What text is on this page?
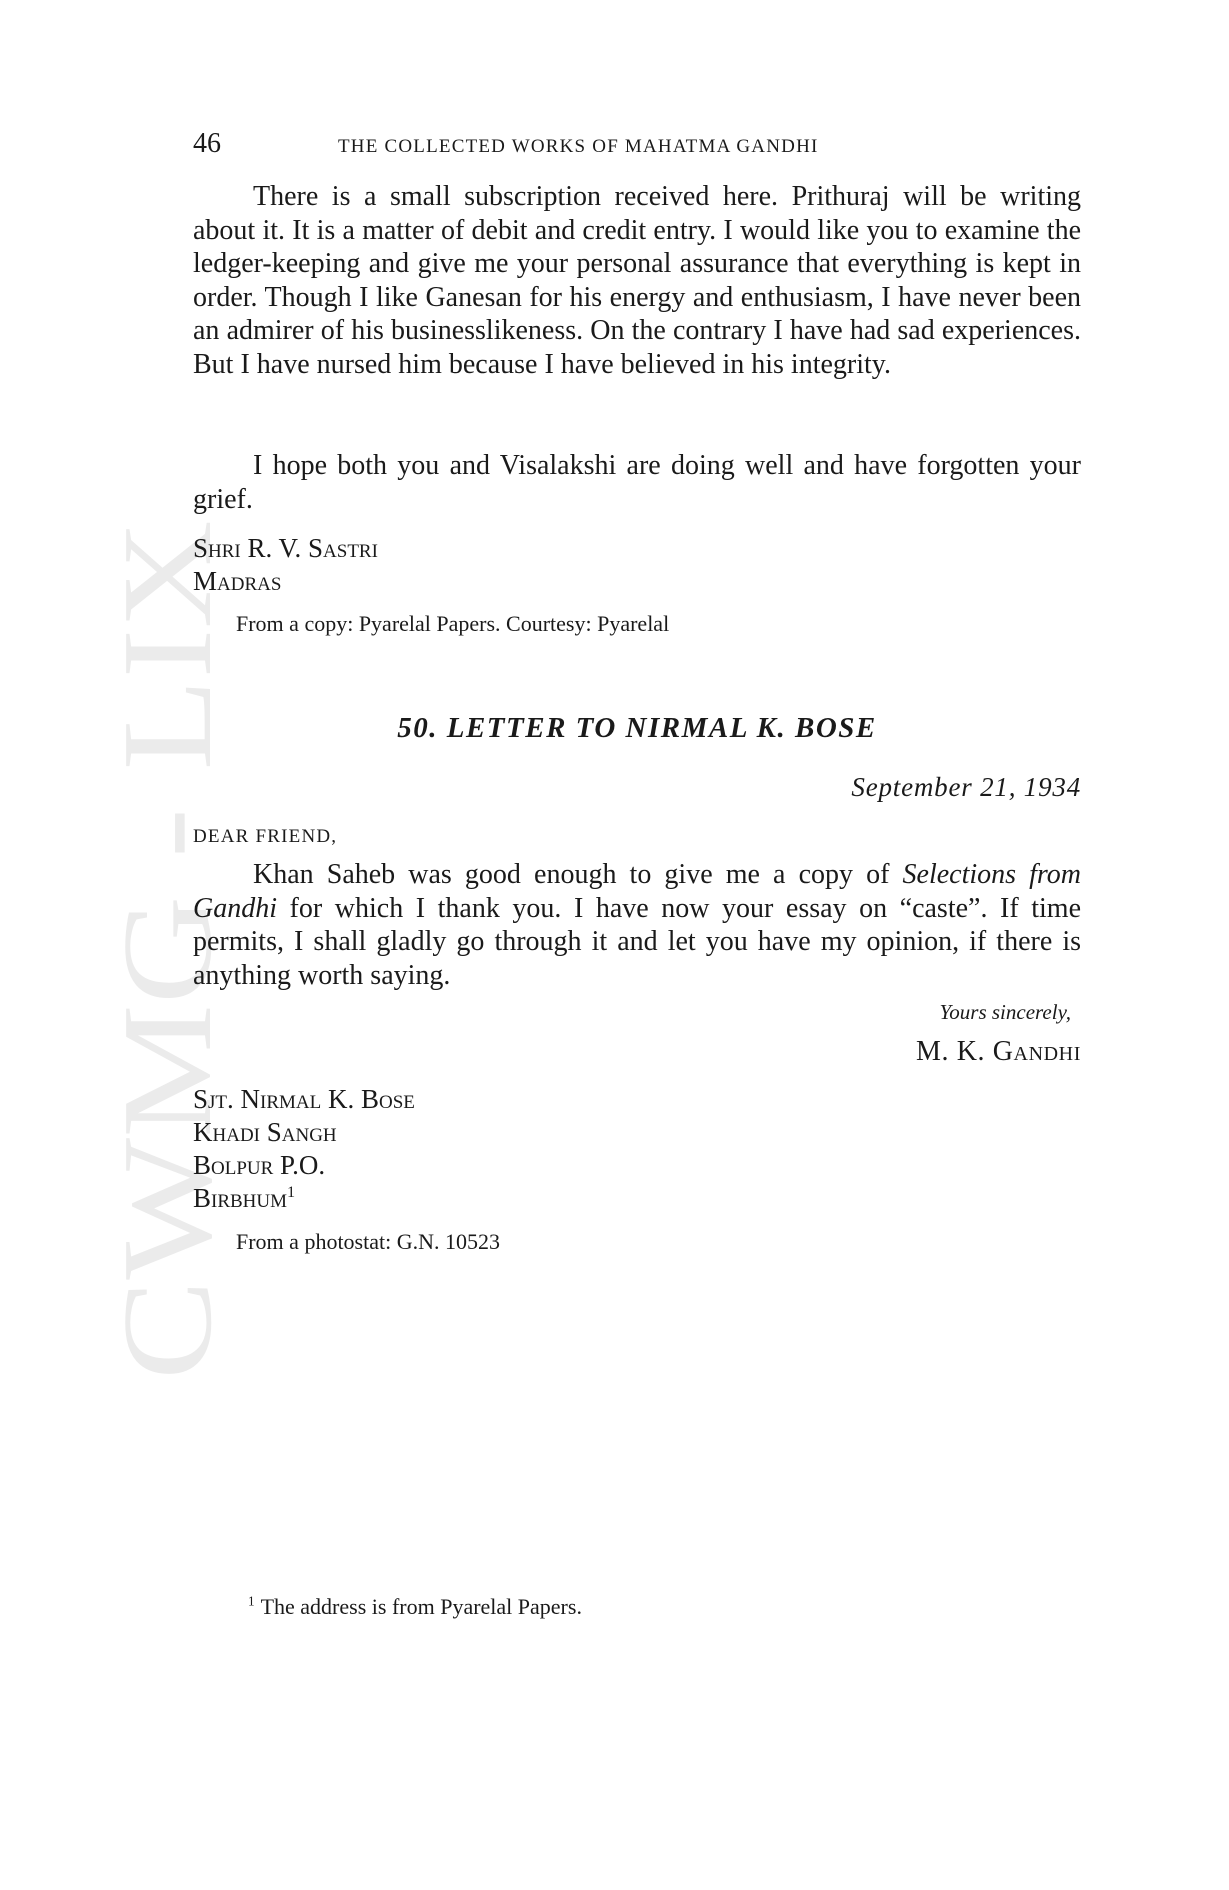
CWMG LIX
46	THE COLLECTED WORKS OF MAHATMA GANDHI

There is a small subscription received here. Prithuraj will be writing about it. It is a matter of debit and credit entry. I would like you to examine the ledger-keeping and give me your personal assurance that everything is kept in order. Though I like Ganesan for his energy and enthusiasm, I have never been an admirer of his businesslikeness. On the contrary I have had sad experiences. But I have nursed him because I have believed in his integrity.

I hope both you and Visalakshi are doing well and have forgotten your grief.

Shri R. V. Sastri

Madras

From a copy: Pyarelal Papers. Courtesy: Pyarelal

50. LETTER TO NIRMAL K. BOSE

September 21, 1934

DEAR FRIEND,

Khan Saheb was good enough to give me a copy of Selections from Gandhi for which I thank you. I have now your essay on “caste”. If time permits, I shall gladly go through it and let you have my opinion, if there is anything worth saying.

Yours sincerely,

M. K. Gandhi

Sjt. Nirmal K. Bose

Khadi Sangh

Bolpur P.O.

Birbhum$^1$

From a photostat: G.N. 10523

$^1$ The address is from Pyarelal Papers.
